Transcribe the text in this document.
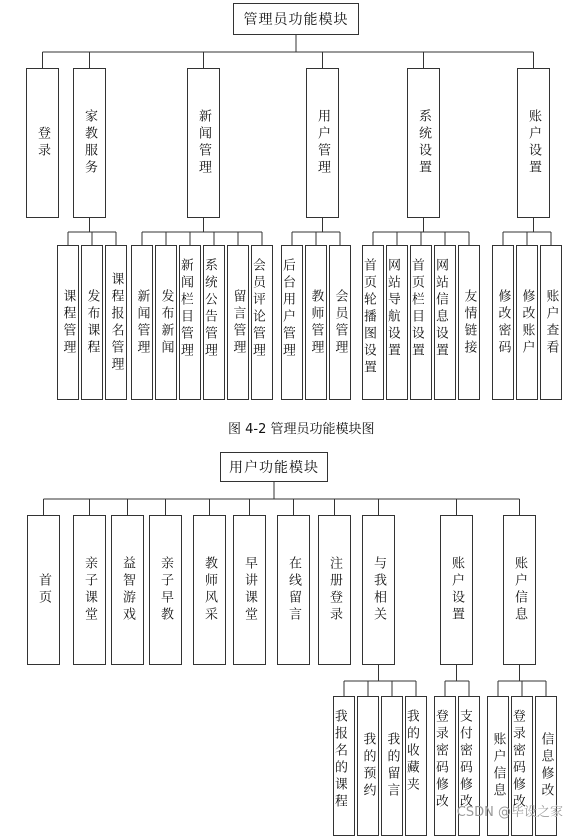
管理员功能模块
登录 家教服务	新闻管理	用户管理	系统设置	账户设置
课程管理 发布课程 课程报名管理 新闻管理 发布新闻 新闻栏目管理 系统公告管理 留言管理 会员评论管理 后台用户管理 教师管理 会员管理 首页轮播图设置 网站导航设置 首页栏目设置 网站信息设置 友情链接 修改密码 修改账户 账户查看
图 4-2 管理员功能模块图
用户功能模块
首页 亲子课堂 益智游戏 亲子早教 教师风采 早讲课堂 在线留言 注册登录 与我相关	账户设置	账户信息
我报名的课程 我的预约 我的留言 我的收藏夹 登录密码修改 支付密码修改 账户信息 登录密码修改 信息修改
CSDN @毕设之家
